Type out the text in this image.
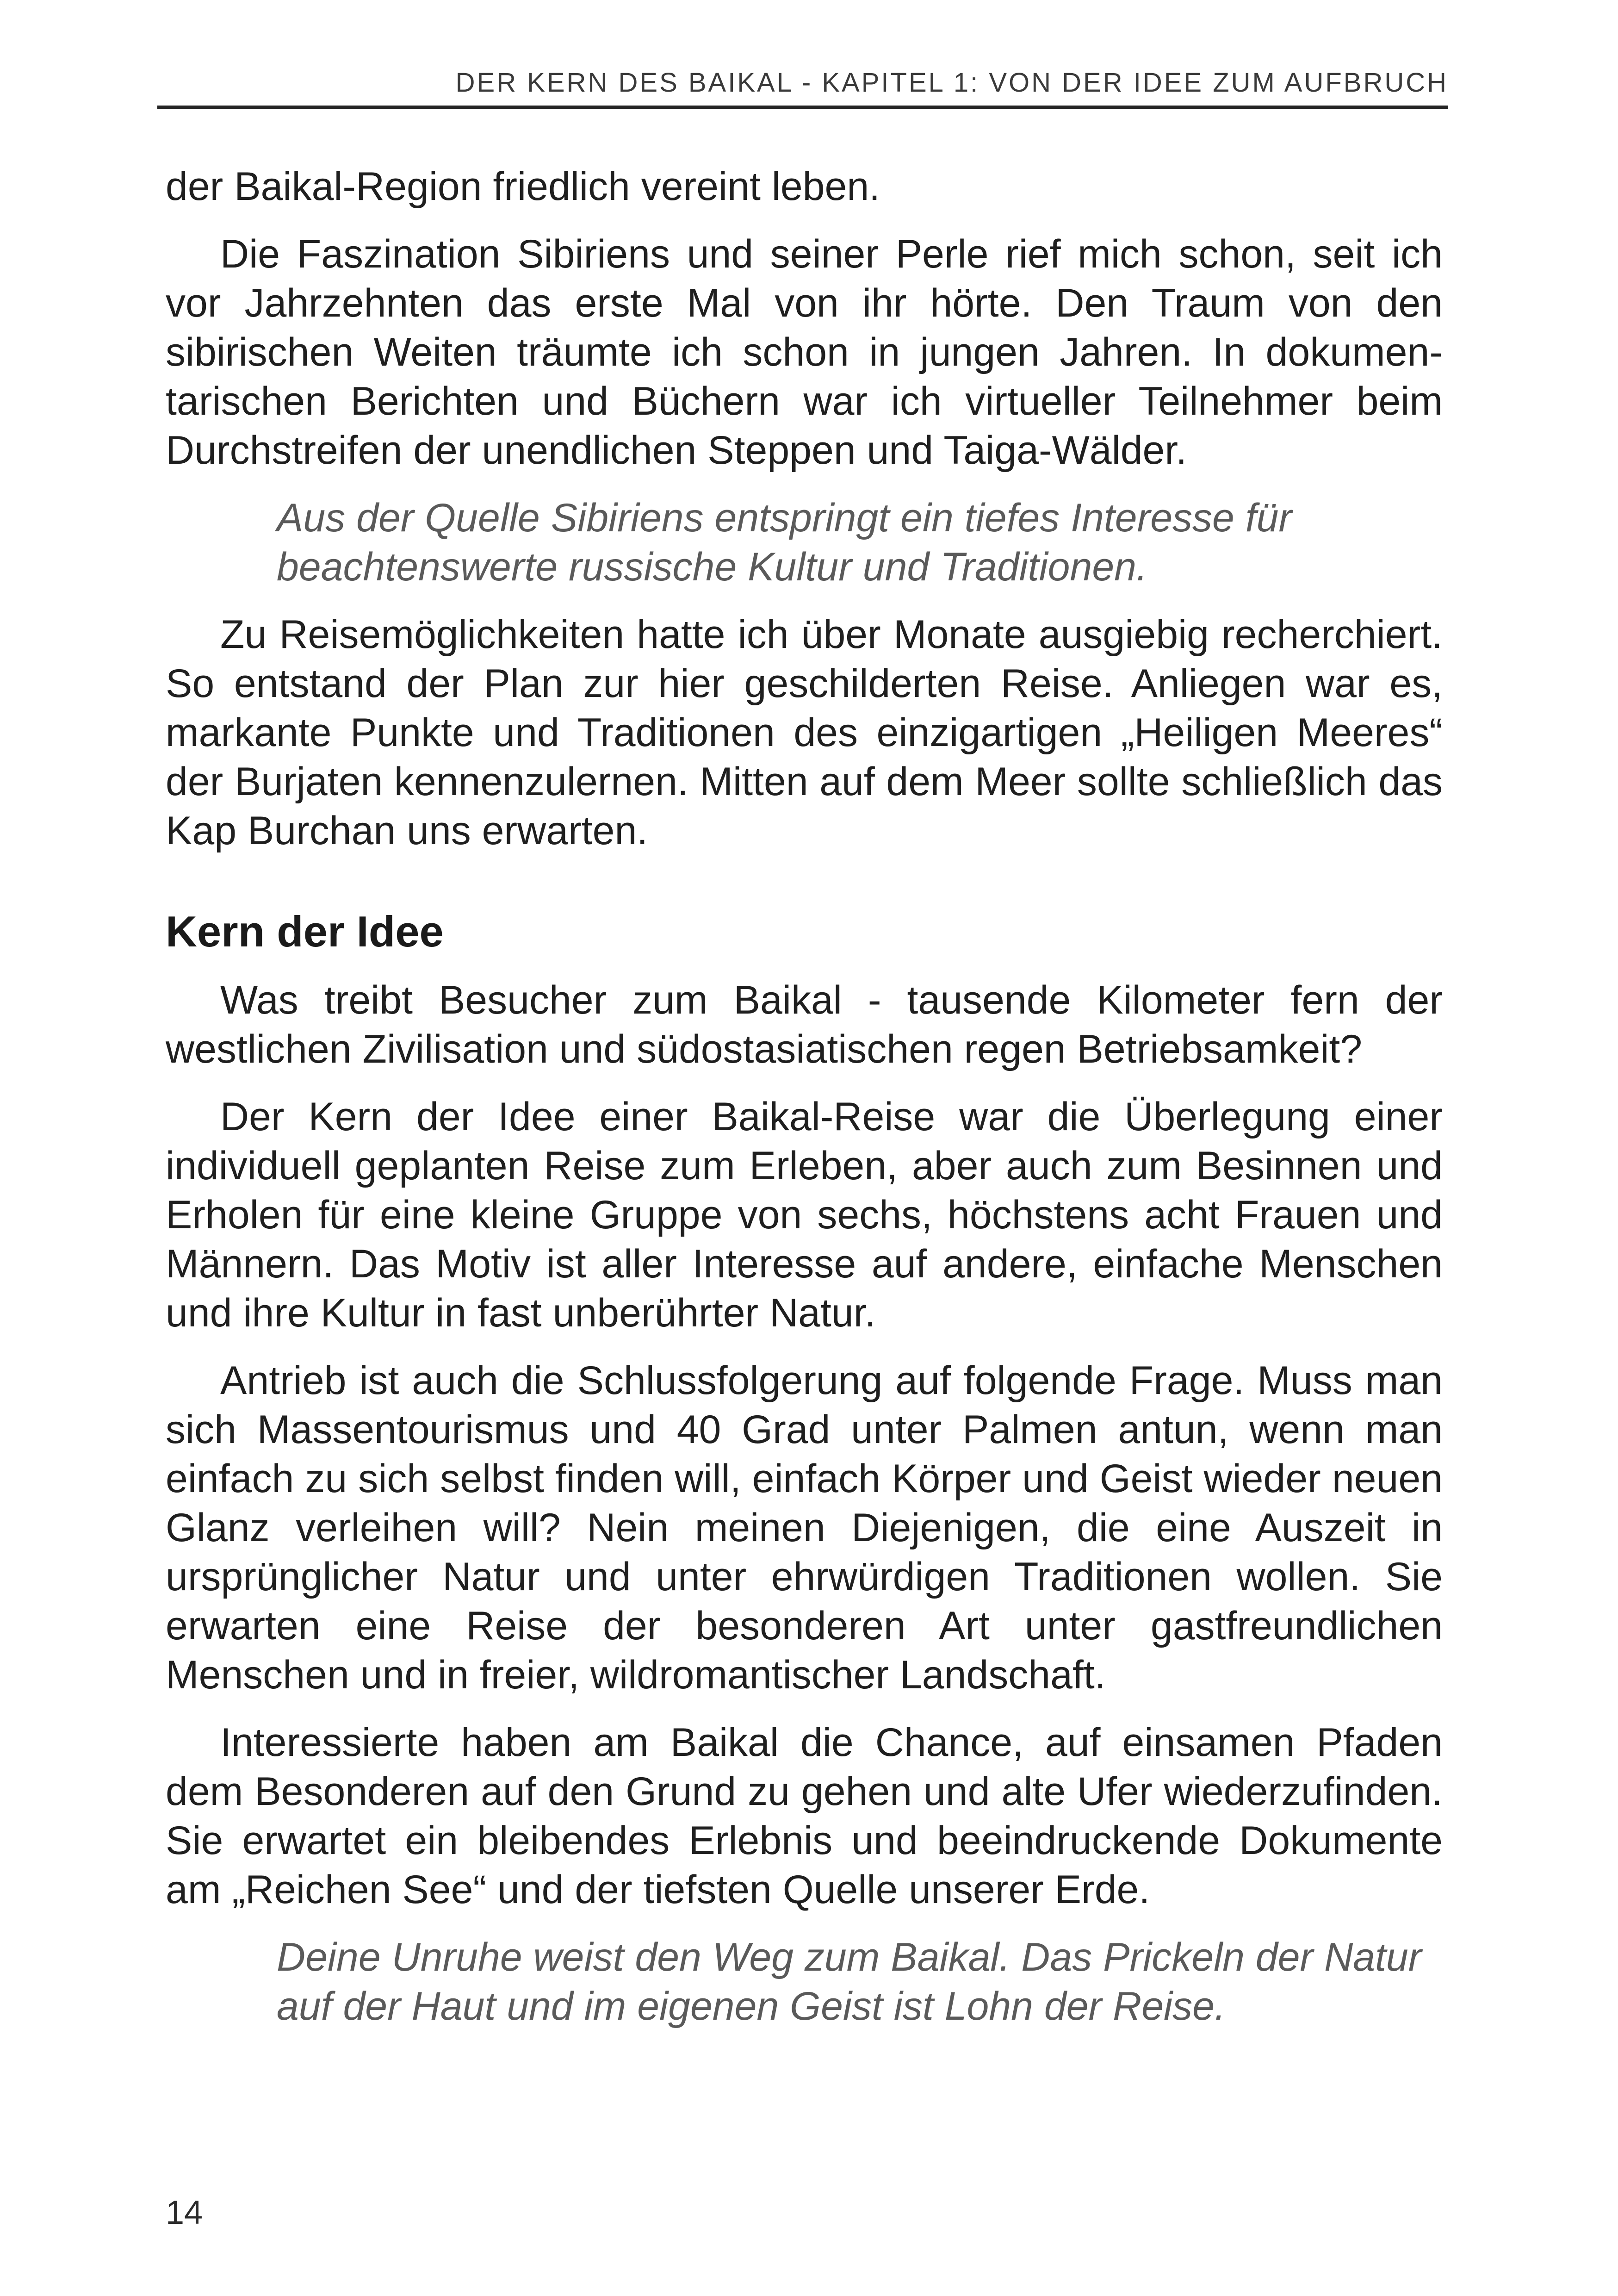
DER KERN DES BAIKAL - KAPITEL 1: VON DER IDEE ZUM AUFBRUCH

der Baikal-Region friedlich vereint leben.

Die Faszination Sibiriens und seiner Perle rief mich schon, seit ich vor Jahrzehnten das erste Mal von ihr hörte. Den Traum von den sibirischen Weiten träumte ich schon in jungen Jahren. In dokumentarischen Berichten und Büchern war ich virtueller Teilnehmer beim Durchstreifen der unendlichen Steppen und Taiga-Wälder.

Aus der Quelle Sibiriens entspringt ein tiefes Interesse für beachtenswerte russische Kultur und Traditionen.

Zu Reisemöglichkeiten hatte ich über Monate ausgiebig recherchiert. So entstand der Plan zur hier geschilderten Reise. Anliegen war es, markante Punkte und Traditionen des einzigartigen „Heiligen Meeres“ der Burjaten kennenzulernen. Mitten auf dem Meer sollte schließlich das Kap Burchan uns erwarten.

Kern der Idee

Was treibt Besucher zum Baikal - tausende Kilometer fern der westlichen Zivilisation und südostasiatischen regen Betriebsamkeit?

Der Kern der Idee einer Baikal-Reise war die Überlegung einer individuell geplanten Reise zum Erleben, aber auch zum Besinnen und Erholen für eine kleine Gruppe von sechs, höchstens acht Frauen und Männern. Das Motiv ist aller Interesse auf andere, einfache Menschen und ihre Kultur in fast unberührter Natur.

Antrieb ist auch die Schlussfolgerung auf folgende Frage. Muss man sich Massentourismus und 40 Grad unter Palmen antun, wenn man einfach zu sich selbst finden will, einfach Körper und Geist wieder neuen Glanz verleihen will? Nein meinen Diejenigen, die eine Auszeit in ursprünglicher Natur und unter ehrwürdigen Traditionen wollen. Sie erwarten eine Reise der besonderen Art unter gastfreundlichen Menschen und in freier, wildromantischer Landschaft.

Interessierte haben am Baikal die Chance, auf einsamen Pfaden dem Besonderen auf den Grund zu gehen und alte Ufer wiederzufinden. Sie erwartet ein bleibendes Erlebnis und beeindruckende Dokumente am „Reichen See“ und der tiefsten Quelle unserer Erde.

Deine Unruhe weist den Weg zum Baikal. Das Prickeln der Natur auf der Haut und im eigenen Geist ist Lohn der Reise.

14
